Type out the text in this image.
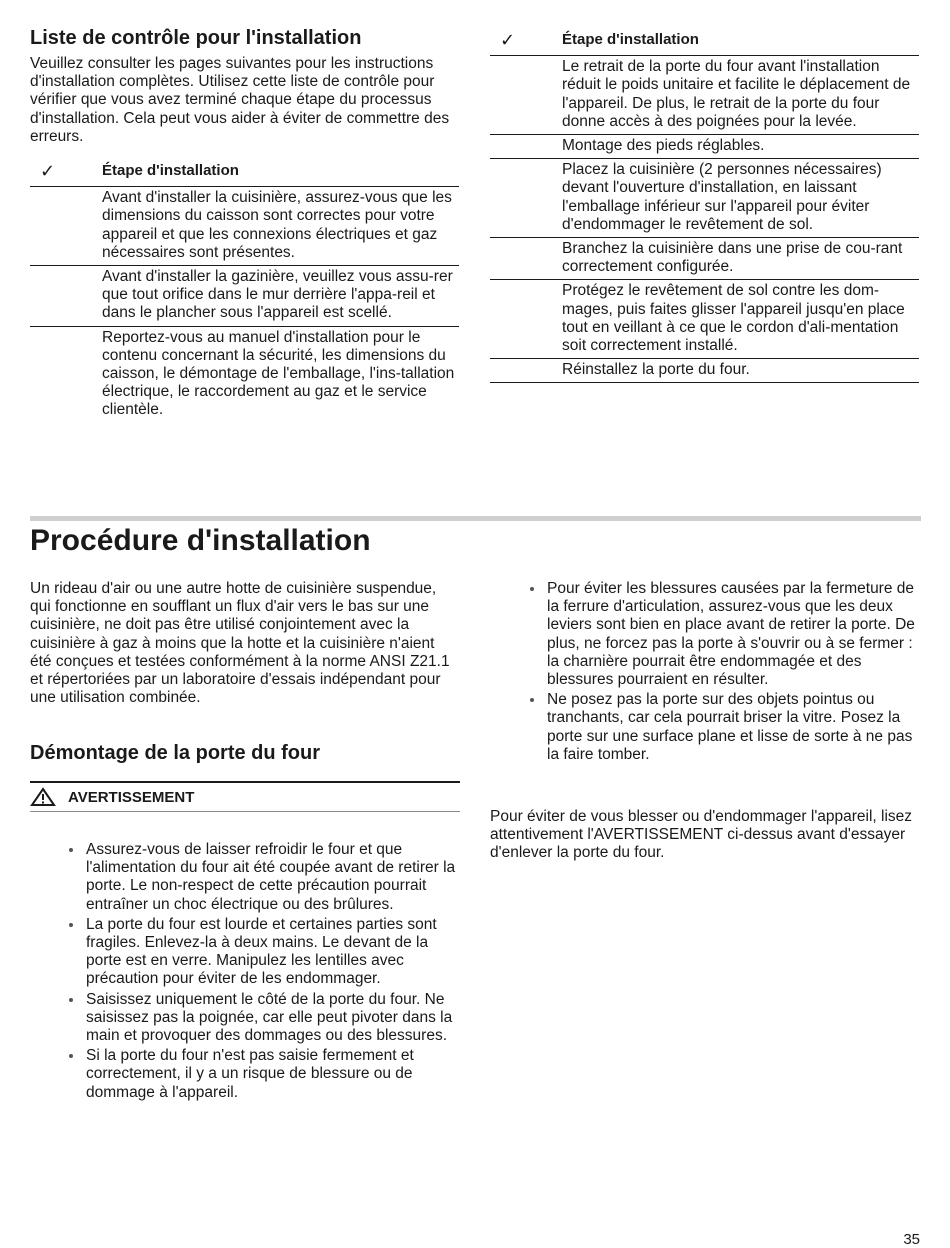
Liste de contrôle pour l'installation

Veuillez consulter les pages suivantes pour les instructions d'installation complètes. Utilisez cette liste de contrôle pour vérifier que vous avez terminé chaque étape du processus d'installation. Cela peut vous aider à éviter de commettre des erreurs.

✓	Étape d'installation
	Avant d'installer la cuisinière, assurez-vous que les dimensions du caisson sont correctes pour votre appareil et que les connexions électriques et gaz nécessaires sont présentes.
	Avant d'installer la gazinière, veuillez vous assu-rer que tout orifice dans le mur derrière l'appa-reil et dans le plancher sous l'appareil est scellé.
	Reportez-vous au manuel d'installation pour le contenu concernant la sécurité, les dimensions du caisson, le démontage de l'emballage, l'ins-tallation électrique, le raccordement au gaz et le service clientèle.
✓	Étape d'installation
	Le retrait de la porte du four avant l'installation réduit le poids unitaire et facilite le déplacement de l'appareil. De plus, le retrait de la porte du four donne accès à des poignées pour la levée.
	Montage des pieds réglables.
	Placez la cuisinière (2 personnes nécessaires) devant l'ouverture d'installation, en laissant l'emballage inférieur sur l'appareil pour éviter d'endommager le revêtement de sol.
	Branchez la cuisinière dans une prise de cou-rant correctement configurée.
	Protégez le revêtement de sol contre les dom-mages, puis faites glisser l'appareil jusqu'en place tout en veillant à ce que le cordon d'ali-mentation soit correctement installé.
	Réinstallez la porte du four.
Procédure d'installation

Un rideau d'air ou une autre hotte de cuisinière suspendue, qui fonctionne en soufflant un flux d'air vers le bas sur une cuisinière, ne doit pas être utilisé conjointement avec la cuisinière à gaz à moins que la hotte et la cuisinière n'aient été conçues et testées conformément à la norme ANSI Z21.1 et répertoriées par un laboratoire d'essais indépendant pour une utilisation combinée.

Démontage de la porte du four
AVERTISSEMENT
Assurez-vous de laisser refroidir le four et que l'alimentation du four ait été coupée avant de retirer la porte. Le non-respect de cette précaution pourrait entraîner un choc électrique ou des brûlures.
La porte du four est lourde et certaines parties sont fragiles. Enlevez-la à deux mains. Le devant de la porte est en verre. Manipulez les lentilles avec précaution pour éviter de les endommager.
Saisissez uniquement le côté de la porte du four. Ne saisissez pas la poignée, car elle peut pivoter dans la main et provoquer des dommages ou des blessures.
Si la porte du four n'est pas saisie fermement et correctement, il y a un risque de blessure ou de dommage à l'appareil.
Pour éviter les blessures causées par la fermeture de la ferrure d'articulation, assurez-vous que les deux leviers sont bien en place avant de retirer la porte. De plus, ne forcez pas la porte à s'ouvrir ou à se fermer : la charnière pourrait être endommagée et des blessures pourraient en résulter.
Ne posez pas la porte sur des objets pointus ou tranchants, car cela pourrait briser la vitre. Posez la porte sur une surface plane et lisse de sorte à ne pas la faire tomber.

Pour éviter de vous blesser ou d'endommager l'appareil, lisez attentivement l'AVERTISSEMENT ci-dessus avant d'essayer d'enlever la porte du four.

35
